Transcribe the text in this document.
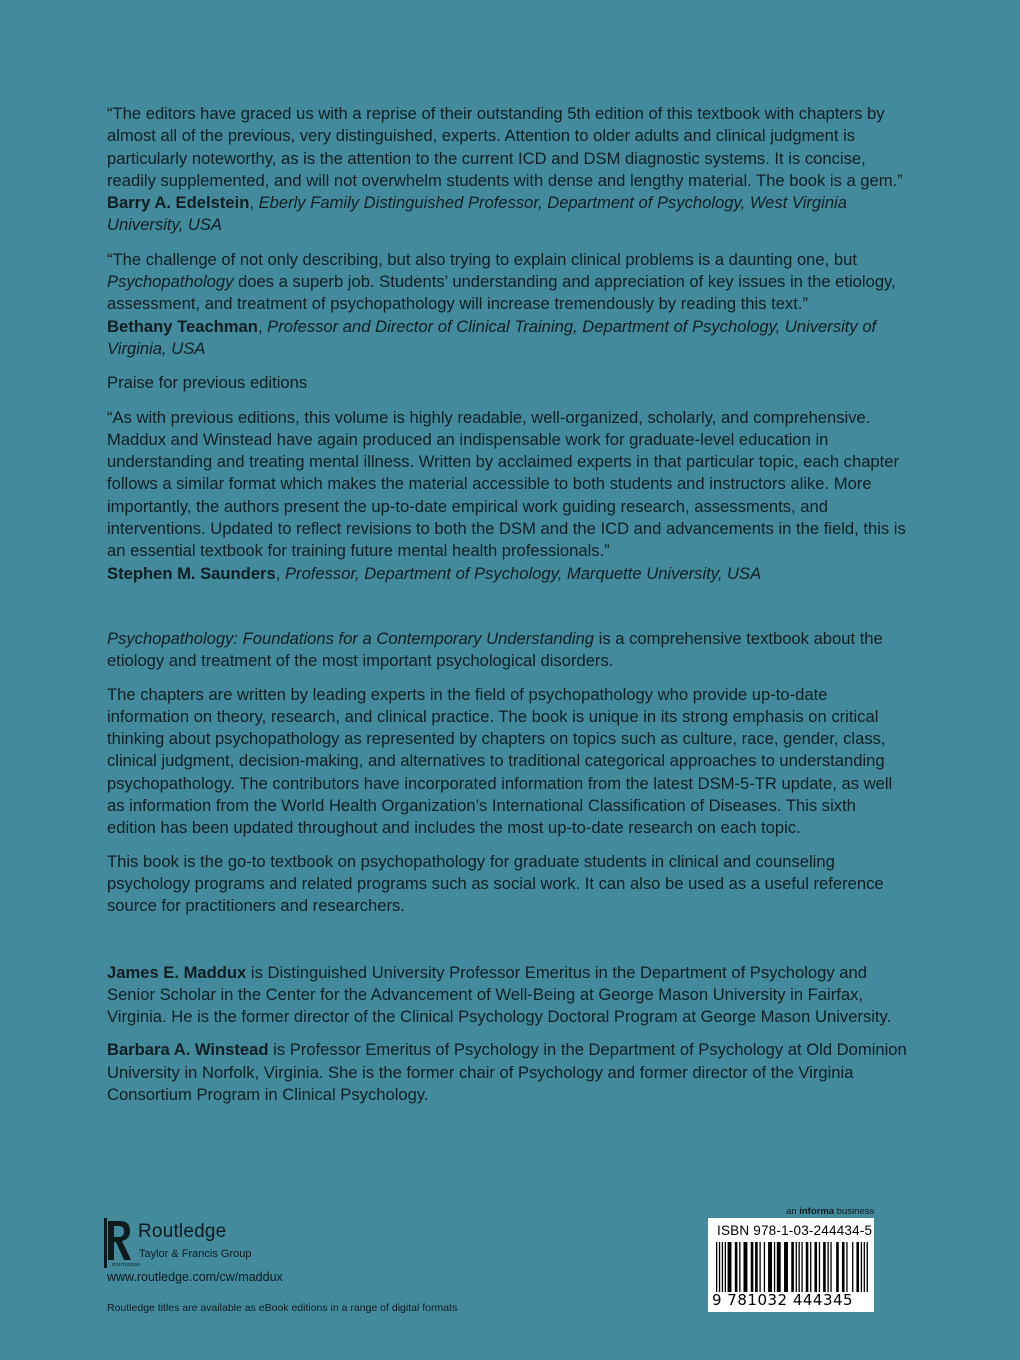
“The editors have graced us with a reprise of their outstanding 5th edition of this textbook with chapters by almost all of the previous, very distinguished, experts. Attention to older adults and clinical judgment is particularly noteworthy, as is the attention to the current ICD and DSM diagnostic systems. It is concise, readily supplemented, and will not overwhelm students with dense and lengthy material. The book is a gem.”
Barry A. Edelstein, Eberly Family Distinguished Professor, Department of Psychology, West Virginia University, USA

“The challenge of not only describing, but also trying to explain clinical problems is a daunting one, but Psychopathology does a superb job. Students’ understanding and appreciation of key issues in the etiology, assessment, and treatment of psychopathology will increase tremendously by reading this text.”
Bethany Teachman, Professor and Director of Clinical Training, Department of Psychology, University of Virginia, USA

Praise for previous editions

“As with previous editions, this volume is highly readable, well-organized, scholarly, and comprehensive. Maddux and Winstead have again produced an indispensable work for graduate-level education in understanding and treating mental illness. Written by acclaimed experts in that particular topic, each chapter follows a similar format which makes the material accessible to both students and instructors alike. More importantly, the authors present the up-to-date empirical work guiding research, assessments, and interventions. Updated to reflect revisions to both the DSM and the ICD and advancements in the field, this is an essential textbook for training future mental health professionals.”
Stephen M. Saunders, Professor, Department of Psychology, Marquette University, USA

Psychopathology: Foundations for a Contemporary Understanding is a comprehensive textbook about the etiology and treatment of the most important psychological disorders.

The chapters are written by leading experts in the field of psychopathology who provide up-to-date information on theory, research, and clinical practice. The book is unique in its strong emphasis on critical thinking about psychopathology as represented by chapters on topics such as culture, race, gender, class, clinical judgment, decision-making, and alternatives to traditional categorical approaches to understanding psychopathology. The contributors have incorporated information from the latest DSM-5-TR update, as well as information from the World Health Organization’s International Classification of Diseases. This sixth edition has been updated throughout and includes the most up-to-date research on each topic.

This book is the go-to textbook on psychopathology for graduate students in clinical and counseling psychology programs and related programs such as social work. It can also be used as a useful reference source for practitioners and researchers.

James E. Maddux is Distinguished University Professor Emeritus in the Department of Psychology and Senior Scholar in the Center for the Advancement of Well-Being at George Mason University in Fairfax, Virginia. He is the former director of the Clinical Psychology Doctoral Program at George Mason University.

Barbara A. Winstead is Professor Emeritus of Psychology in the Department of Psychology at Old Dominion University in Norfolk, Virginia. She is the former chair of Psychology and former director of the Virginia Consortium Program in Clinical Psychology.

ROUTLEDGE
Routledge
Taylor & Francis Group
www.routledge.com/cw/maddux
Routledge titles are available as eBook editions in a range of digital formats
an informa business
ISBN 978-1-03-244434-5
9 781032 444345
